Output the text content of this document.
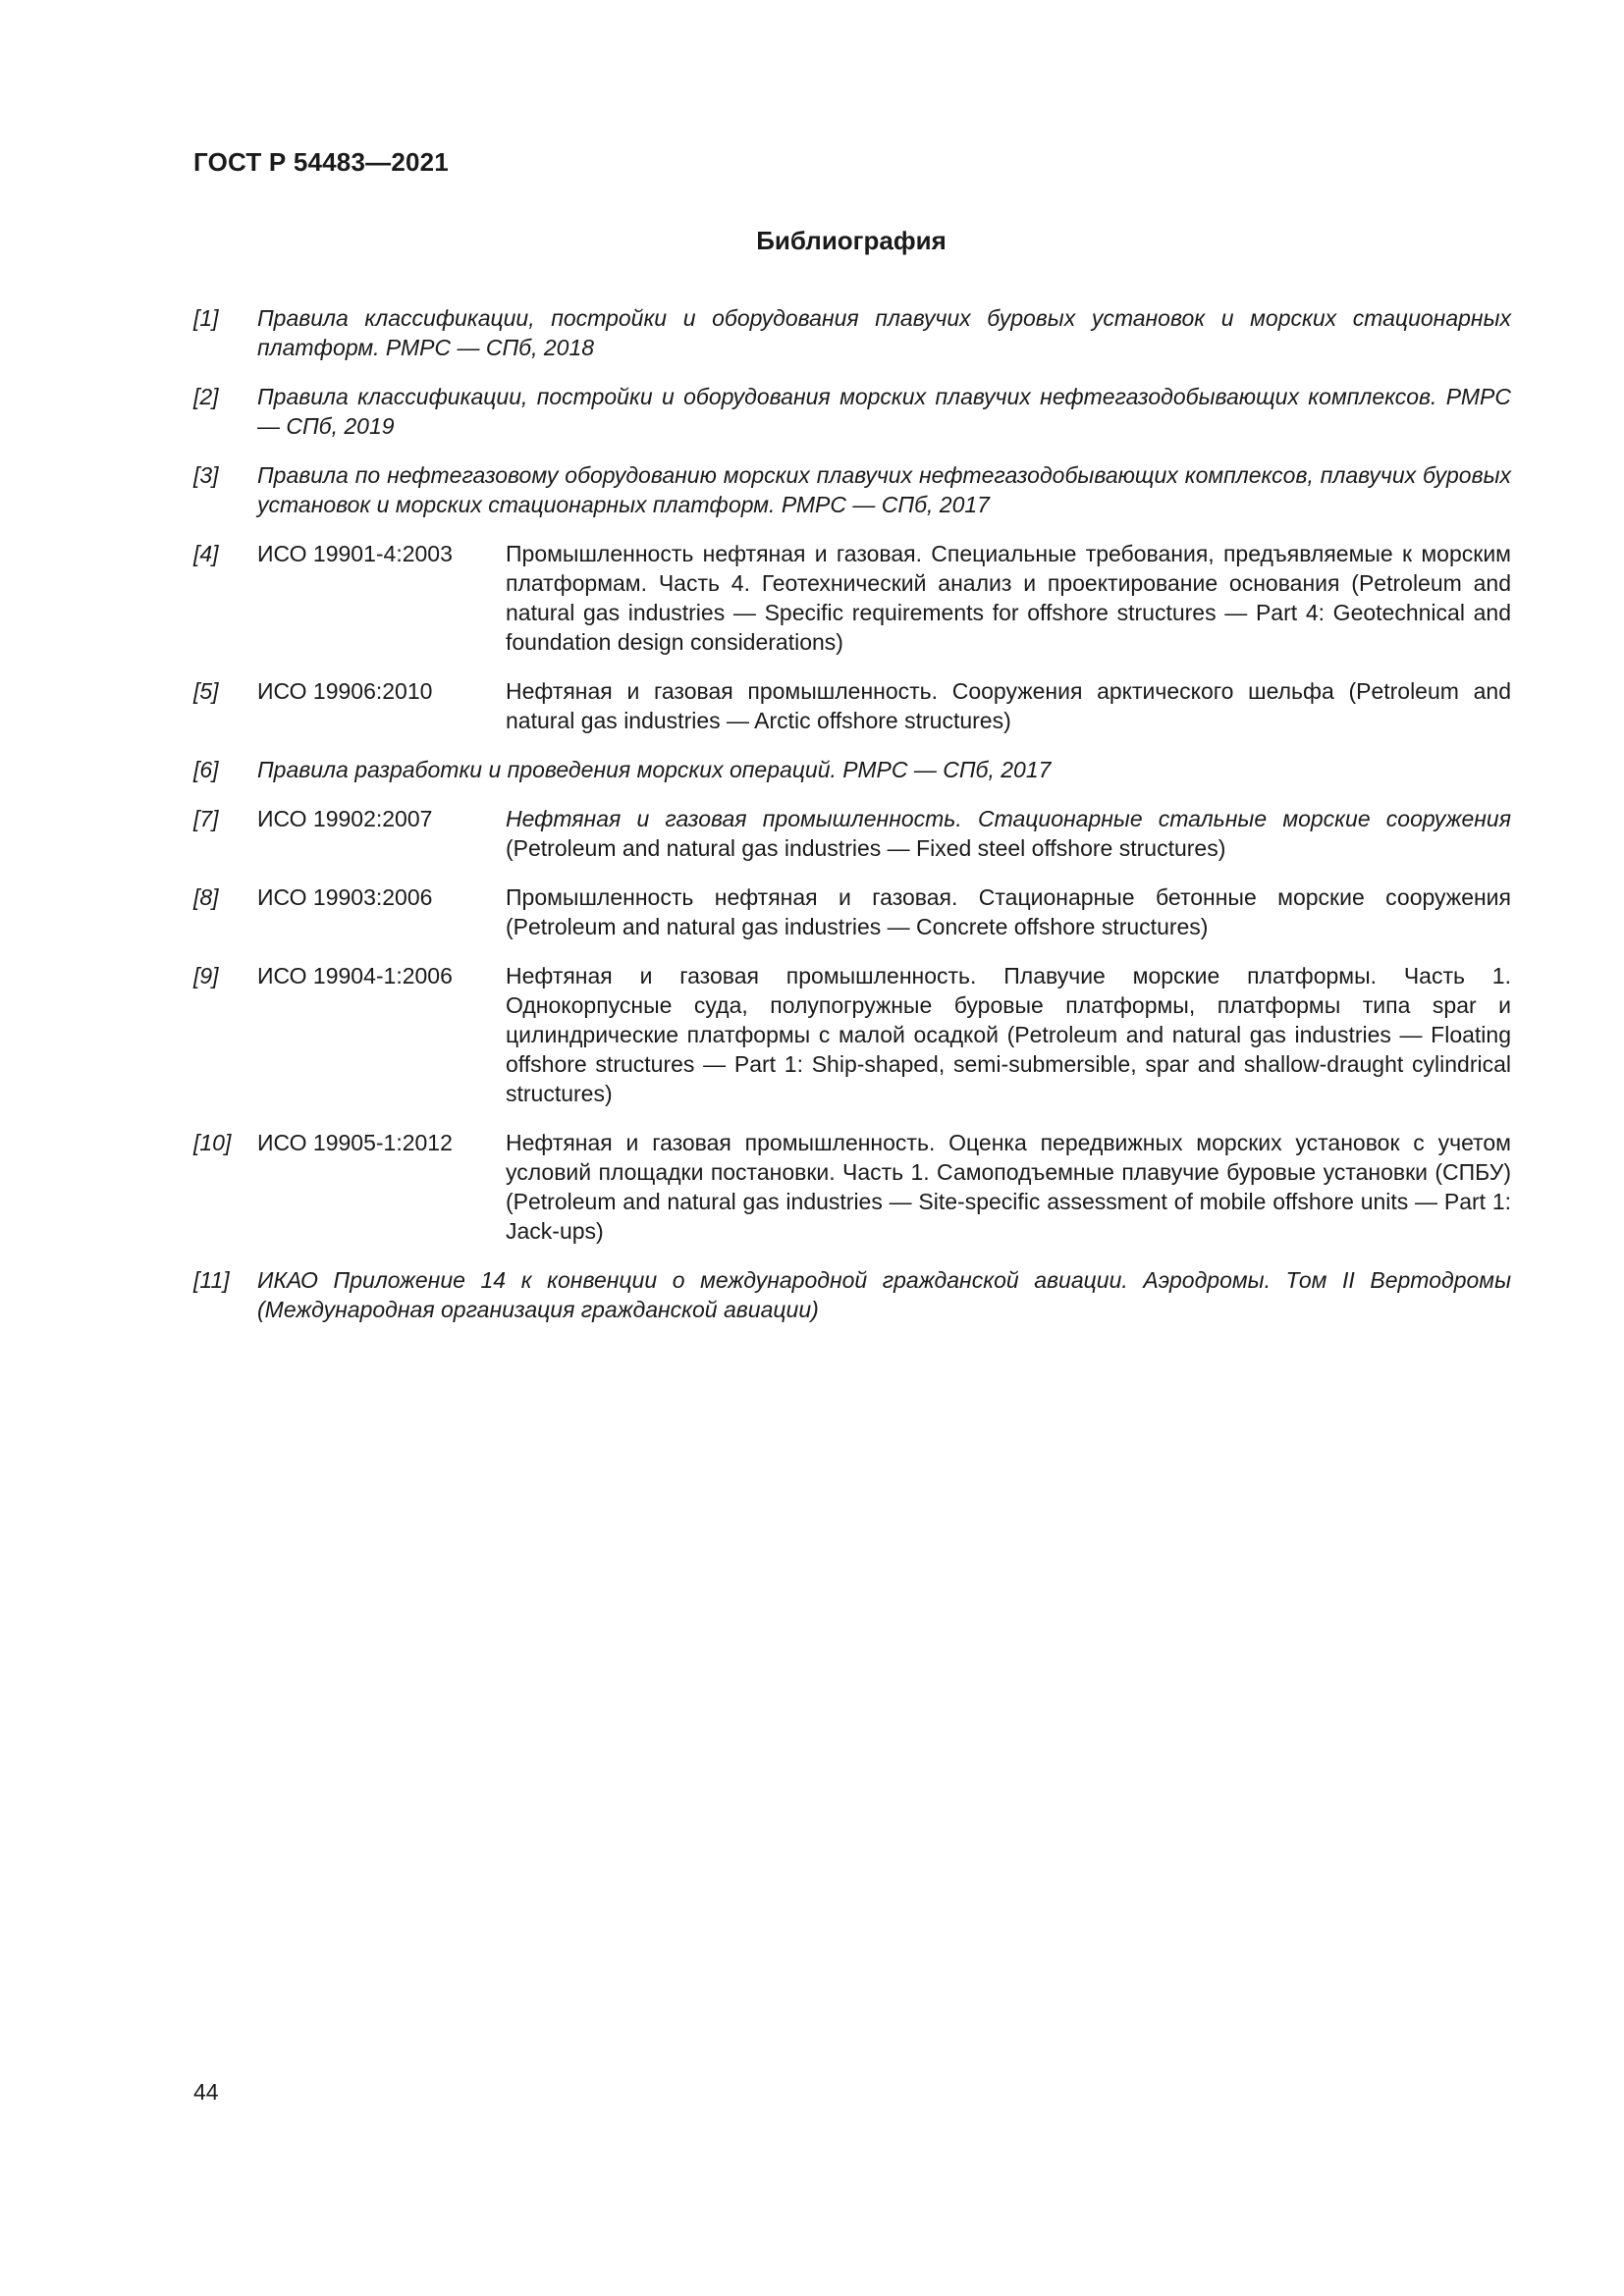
ГОСТ Р 54483—2021
Библиография
[1]	Правила классификации, постройки и оборудования плавучих буровых установок и морских стационарных платформ. РМРС — СПб, 2018
[2]	Правила классификации, постройки и оборудования морских плавучих нефтегазодобывающих комплексов. РМРС — СПб, 2019
[3]	Правила по нефтегазовому оборудованию морских плавучих нефтегазодобывающих комплексов, плавучих буровых установок и морских стационарных платформ. РМРС — СПб, 2017
[4]	ИСО 19901-4:2003	Промышленность нефтяная и газовая. Специальные требования, предъявляемые к морским платформам. Часть 4. Геотехнический анализ и проектирование основания (Petroleum and natural gas industries — Specific requirements for offshore structures — Part 4: Geotechnical and foundation design considerations)
[5]	ИСО 19906:2010	Нефтяная и газовая промышленность. Сооружения арктического шельфа (Petroleum and natural gas industries — Arctic offshore structures)
[6]	Правила разработки и проведения морских операций. РМРС — СПб, 2017
[7]	ИСО 19902:2007	Нефтяная и газовая промышленность. Стационарные стальные морские сооружения (Petroleum and natural gas industries — Fixed steel offshore structures)
[8]	ИСО 19903:2006	Промышленность нефтяная и газовая. Стационарные бетонные морские сооружения (Petroleum and natural gas industries — Concrete offshore structures)
[9]	ИСО 19904-1:2006	Нефтяная и газовая промышленность. Плавучие морские платформы. Часть 1. Однокорпусные суда, полупогружные буровые платформы, платформы типа spar и цилиндрические платформы с малой осадкой (Petroleum and natural gas industries — Floating offshore structures — Part 1: Ship-shaped, semi-submersible, spar and shallow-draught cylindrical structures)
[10]	ИСО 19905-1:2012	Нефтяная и газовая промышленность. Оценка передвижных морских установок с учетом условий площадки постановки. Часть 1. Самоподъемные плавучие буровые установки (СПБУ) (Petroleum and natural gas industries — Site-specific assessment of mobile offshore units — Part 1: Jack-ups)
[11]	ИКАО Приложение 14 к конвенции о международной гражданской авиации. Аэродромы. Том II Вертодромы (Международная организация гражданской авиации)
44
